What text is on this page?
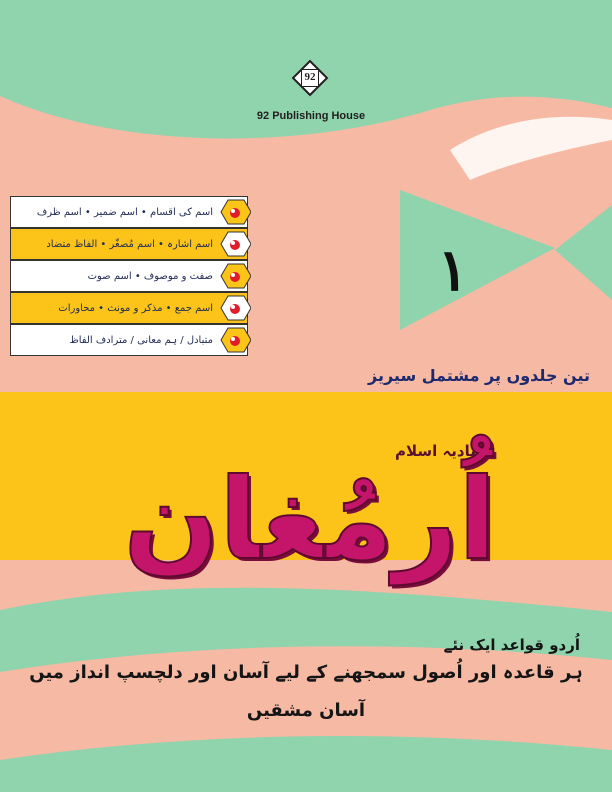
92
92 Publishing House
اسم کی اقسام • اسم ضمیر • اسم ظرف
اسم اشارہ • اسم مُصغّر • الفاظ متضاد
صفت و موصوف • اسم صوت
اسم جمع • مذکر و مونث • محاورات
متبادل / ہم معانی / مترادف الفاظ
۱
تین جلدوں پر مشتمل سیریز
شادیہ اسلام
اُرمُغان
اُردو قواعد ایک نئے
ہر قاعدہ اور اُصول سمجھنے کے لیے آسان اور دلچسپ انداز میں
آسان مشقیں
